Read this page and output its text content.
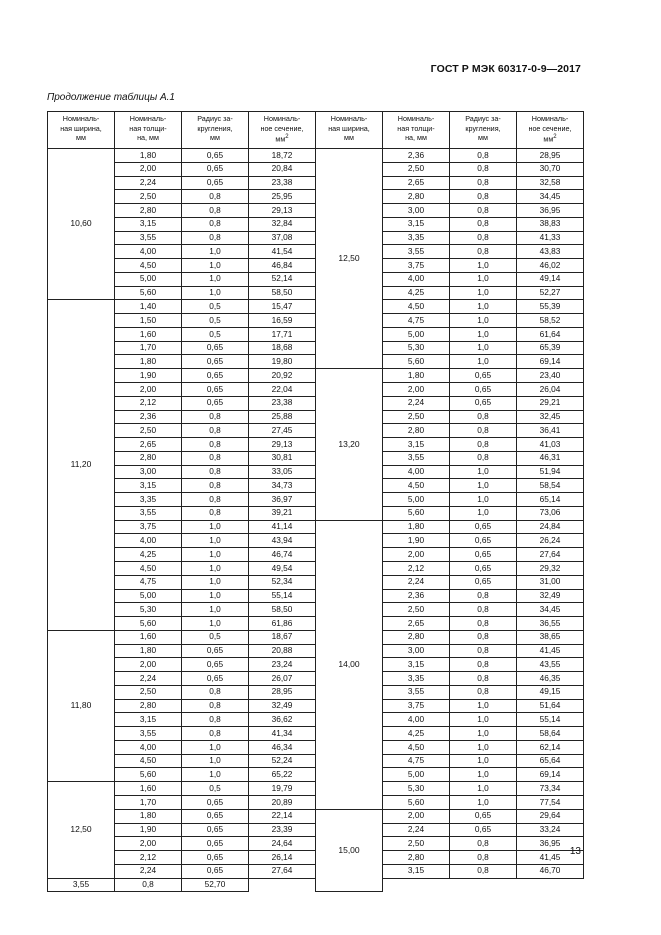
ГОСТ Р МЭК 60317-0-9—2017
Продолжение таблицы А.1
Номиналь-
ная ширина,
мм	Номиналь-
ная толщи-
на, мм	Радиус за-
кругления,
мм	Номиналь-
ное сечение,
$мм^2$	Номиналь-
ная ширина,
мм	Номиналь-
ная толщи-
на, мм	Радиус за-
кругления,
мм	Номиналь-
ное сечение,
$мм^2$
10,60	1,80	0,65	18,72	12,50	2,36	0,8	28,95
	2,00	0,65	20,84		2,50	0,8	30,70
	2,24	0,65	23,38		2,65	0,8	32,58
	2,50	0,8	25,95		2,80	0,8	34,45
	2,80	0,8	29,13		3,00	0,8	36,95
	3,15	0,8	32,84		3,15	0,8	38,83
	3,55	0,8	37,08		3,35	0,8	41,33
	4,00	1,0	41,54		3,55	0,8	43,83
	4,50	1,0	46,84		3,75	1,0	46,02
	5,00	1,0	52,14		4,00	1,0	49,14
	5,60	1,0	58,50		4,25	1,0	52,27
11,20	1,40	0,5	15,47		4,50	1,0	55,39
	1,50	0,5	16,59		4,75	1,0	58,52
	1,60	0,5	17,71		5,00	1,0	61,64
	1,70	0,65	18,68		5,30	1,0	65,39
	1,80	0,65	19,80		5,60	1,0	69,14
	1,90	0,65	20,92	13,20	1,80	0,65	23,40
	2,00	0,65	22,04		2,00	0,65	26,04
	2,12	0,65	23,38		2,24	0,65	29,21
	2,36	0,8	25,88		2,50	0,8	32,45
	2,50	0,8	27,45		2,80	0,8	36,41
	2,65	0,8	29,13		3,15	0,8	41,03
	2,80	0,8	30,81		3,55	0,8	46,31
	3,00	0,8	33,05		4,00	1,0	51,94
	3,15	0,8	34,73		4,50	1,0	58,54
	3,35	0,8	36,97		5,00	1,0	65,14
	3,55	0,8	39,21		5,60	1,0	73,06
	3,75	1,0	41,14	14,00	1,80	0,65	24,84
	4,00	1,0	43,94		1,90	0,65	26,24
	4,25	1,0	46,74		2,00	0,65	27,64
	4,50	1,0	49,54		2,12	0,65	29,32
	4,75	1,0	52,34		2,24	0,65	31,00
	5,00	1,0	55,14		2,36	0,8	32,49
	5,30	1,0	58,50		2,50	0,8	34,45
	5,60	1,0	61,86		2,65	0,8	36,55
11,80	1,60	0,5	18,67		2,80	0,8	38,65
	1,80	0,65	20,88		3,00	0,8	41,45
	2,00	0,65	23,24		3,15	0,8	43,55
	2,24	0,65	26,07		3,35	0,8	46,35
	2,50	0,8	28,95		3,55	0,8	49,15
	2,80	0,8	32,49		3,75	1,0	51,64
	3,15	0,8	36,62		4,00	1,0	55,14
	3,55	0,8	41,34		4,25	1,0	58,64
	4,00	1,0	46,34		4,50	1,0	62,14
	4,50	1,0	52,24		4,75	1,0	65,64
	5,60	1,0	65,22		5,00	1,0	69,14
12,50	1,60	0,5	19,79		5,30	1,0	73,34
	1,70	0,65	20,89		5,60	1,0	77,54
	1,80	0,65	22,14	15,00	2,00	0,65	29,64
	1,90	0,65	23,39		2,24	0,65	33,24
	2,00	0,65	24,64		2,50	0,8	36,95
	2,12	0,65	26,14		2,80	0,8	41,45
	2,24	0,65	27,64		3,15	0,8	46,70
3,55	0,8	52,70					
13
